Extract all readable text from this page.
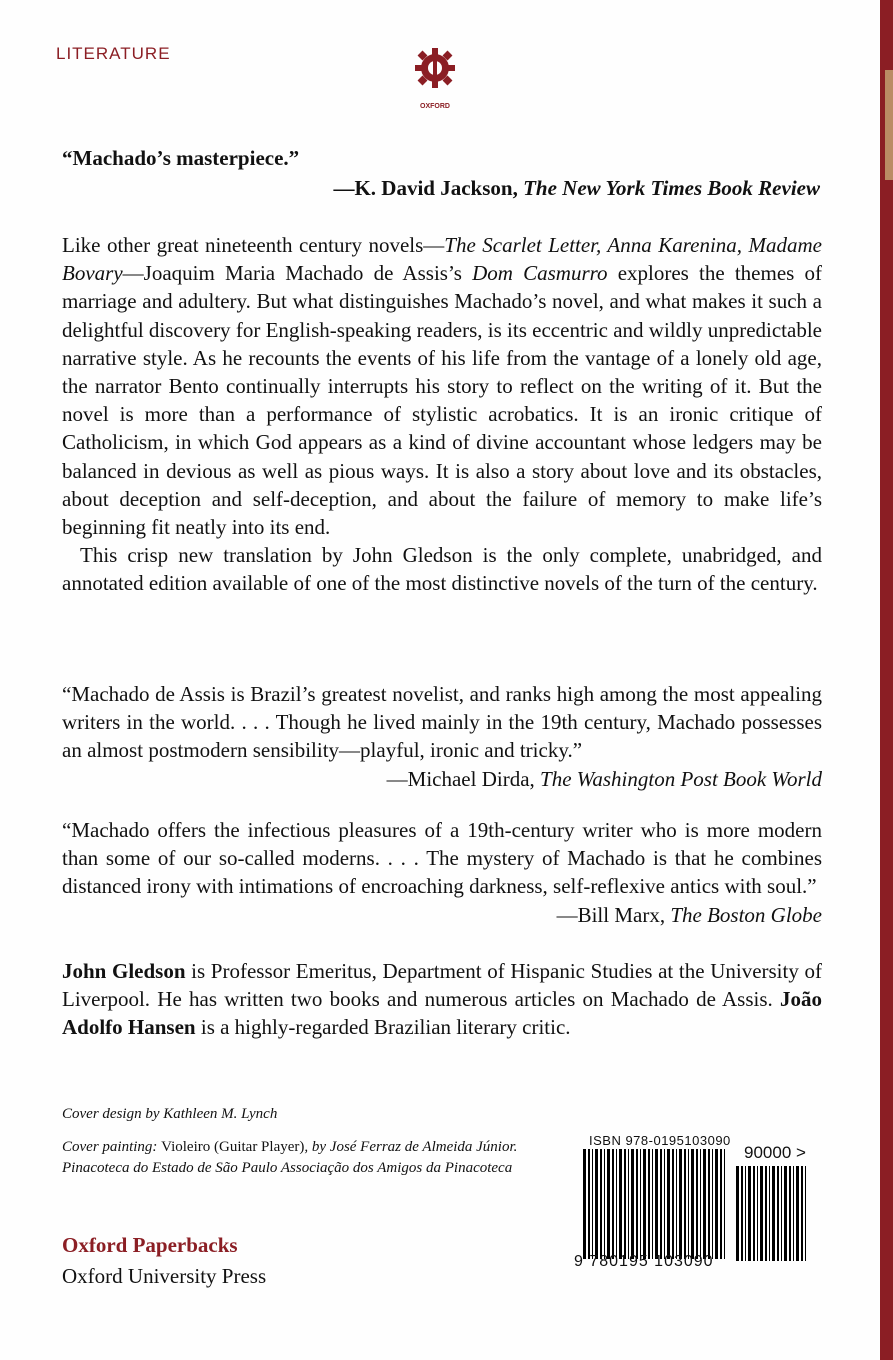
LITERATURE
OXFORD
“Machado’s masterpiece.”
—K. David Jackson, The New York Times Book Review

Like other great nineteenth century novels—The Scarlet Letter, Anna Karenina, Madame Bovary—Joaquim Maria Machado de Assis’s Dom Casmurro explores the themes of marriage and adultery. But what distinguishes Machado’s novel, and what makes it such a delightful discovery for English-speaking readers, is its eccentric and wildly unpredictable narrative style. As he recounts the events of his life from the vantage of a lonely old age, the narrator Bento continually interrupts his story to reflect on the writing of it. But the novel is more than a performance of stylistic acrobatics. It is an ironic critique of Catholicism, in which God appears as a kind of divine accountant whose ledgers may be balanced in devious as well as pious ways. It is also a story about love and its obstacles, about deception and self-deception, and about the failure of memory to make life’s beginning fit neatly into its end.

This crisp new translation by John Gledson is the only complete, unabridged, and annotated edition available of one of the most distinctive novels of the turn of the century.

“Machado de Assis is Brazil’s greatest novelist, and ranks high among the most appealing writers in the world. . . . Though he lived mainly in the 19th century, Machado possesses an almost postmodern sensibility—playful, ironic and tricky.”

—Michael Dirda, The Washington Post Book World

“Machado offers the infectious pleasures of a 19th-century writer who is more modern than some of our so-called moderns. . . . The mystery of Machado is that he combines distanced irony with intimations of encroaching darkness, self-reflexive antics with soul.”

—Bill Marx, The Boston Globe

John Gledson is Professor Emeritus, Department of Hispanic Studies at the University of Liverpool. He has written two books and numerous articles on Machado de Assis. João Adolfo Hansen is a highly-regarded Brazilian literary critic.

Cover design by Kathleen M. Lynch
Cover painting: Violeiro (Guitar Player), by José Ferraz de Almeida Júnior. Pinacoteca do Estado de São Paulo Associação dos Amigos da Pinacoteca
Oxford Paperbacks
Oxford University Press
ISBN 978-0195103090
90000 >
9 780195 103090
